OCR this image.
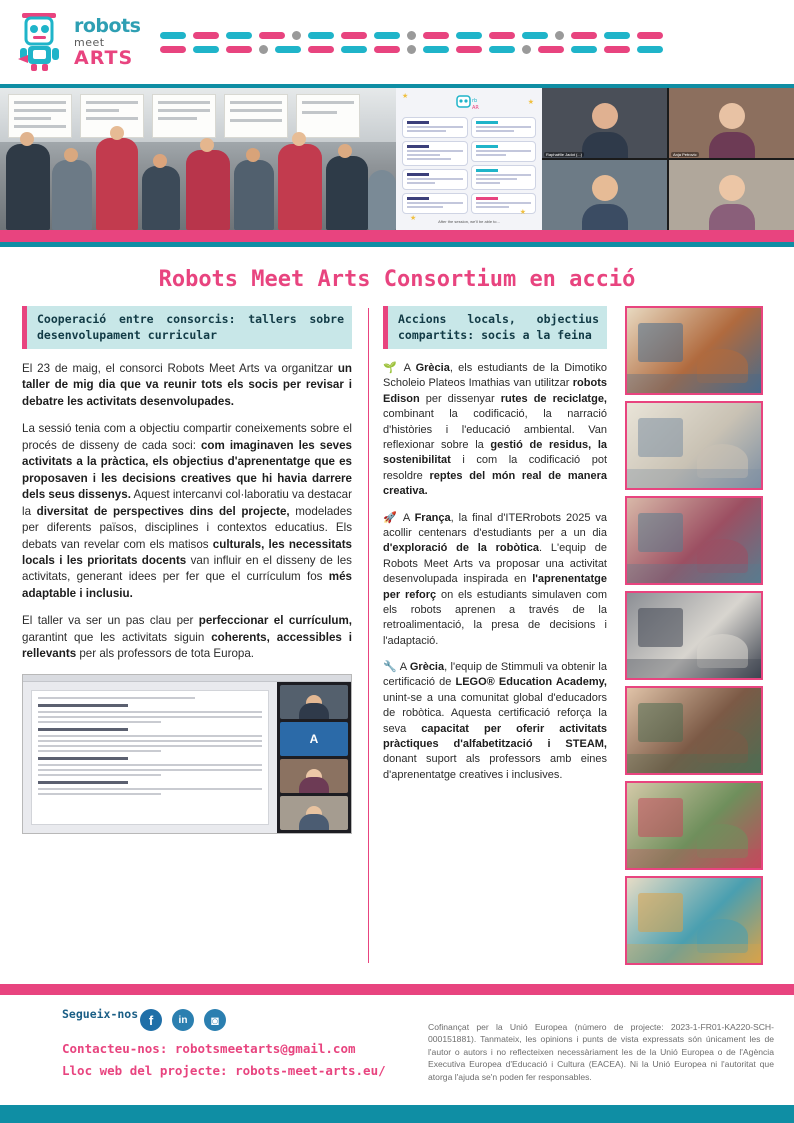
robots
meet
ARTS
★
★
★
★
rb
AR
After the session, we'll be able to...
Raphaëlle Jadot (...)	Anja Petrovic
Robots Meet Arts Consortium en acció
Cooperació entre consorcis: tallers sobre desenvolupament curricular

El 23 de maig, el consorci Robots Meet Arts va organitzar un taller de mig dia que va reunir tots els socis per revisar i debatre les activitats desenvolupades.

La sessió tenia com a objectiu compartir coneixements sobre el procés de disseny de cada soci: com imaginaven les seves activitats a la pràctica, els objectius d'aprenentatge que es proposaven i les decisions creatives que hi havia darrere dels seus dissenys. Aquest intercanvi col·laboratiu va destacar la diversitat de perspectives dins del projecte, modelades per diferents països, disciplines i contextos educatius. Els debats van revelar com els matisos culturals, les necessitats locals i les prioritats docents van influir en el disseny de les activitats, generant idees per fer que el currículum fos més adaptable i inclusiu.

El taller va ser un pas clau per perfeccionar el currículum, garantint que les activitats siguin coherents, accessibles i rellevants per als professors de tota Europa.

A
Accions locals, objectius compartits: socis a la feina

🌱 A Grècia, els estudiants de la Dimotiko Scholeio Plateos Imathias van utilitzar robots Edison per dissenyar rutes de reciclatge, combinant la codificació, la narració d'històries i l'educació ambiental. Van reflexionar sobre la gestió de residus, la sostenibilitat i com la codificació pot resoldre reptes del món real de manera creativa.

🚀 A França, la final d'ITERrobots 2025 va acollir centenars d'estudiants per a un dia d'exploració de la robòtica. L'equip de Robots Meet Arts va proposar una activitat desenvolupada inspirada en l'aprenentatge per reforç on els estudiants simulaven com els robots aprenen a través de la retroalimentació, la presa de decisions i l'adaptació.

🔧 A Grècia, l'equip de Stimmuli va obtenir la certificació de LEGO® Education Academy, unint-se a una comunitat global d'educadors de robòtica. Aquesta certificació reforça la seva capacitat per oferir activitats pràctiques d'alfabetització i STEAM, donant suport als professors amb eines d'aprenentatge creatives i inclusives.

Segueix-nos f	in	◙
Contacteu-nos: robotsmeetarts@gmail.com
Lloc web del projecte: robots-meet-arts.eu/
Cofinançat per la Unió Europea (número de projecte: 2023-1-FR01-KA220-SCH-000151881). Tanmateix, les opinions i punts de vista expressats són únicament les de l'autor o autors i no reflecteixen necessàriament les de la Unió Europea o de l'Agència Executiva Europea d'Educació i Cultura (EACEA). Ni la Unió Europea ni l'autoritat que atorga l'ajuda se'n poden fer responsables.
